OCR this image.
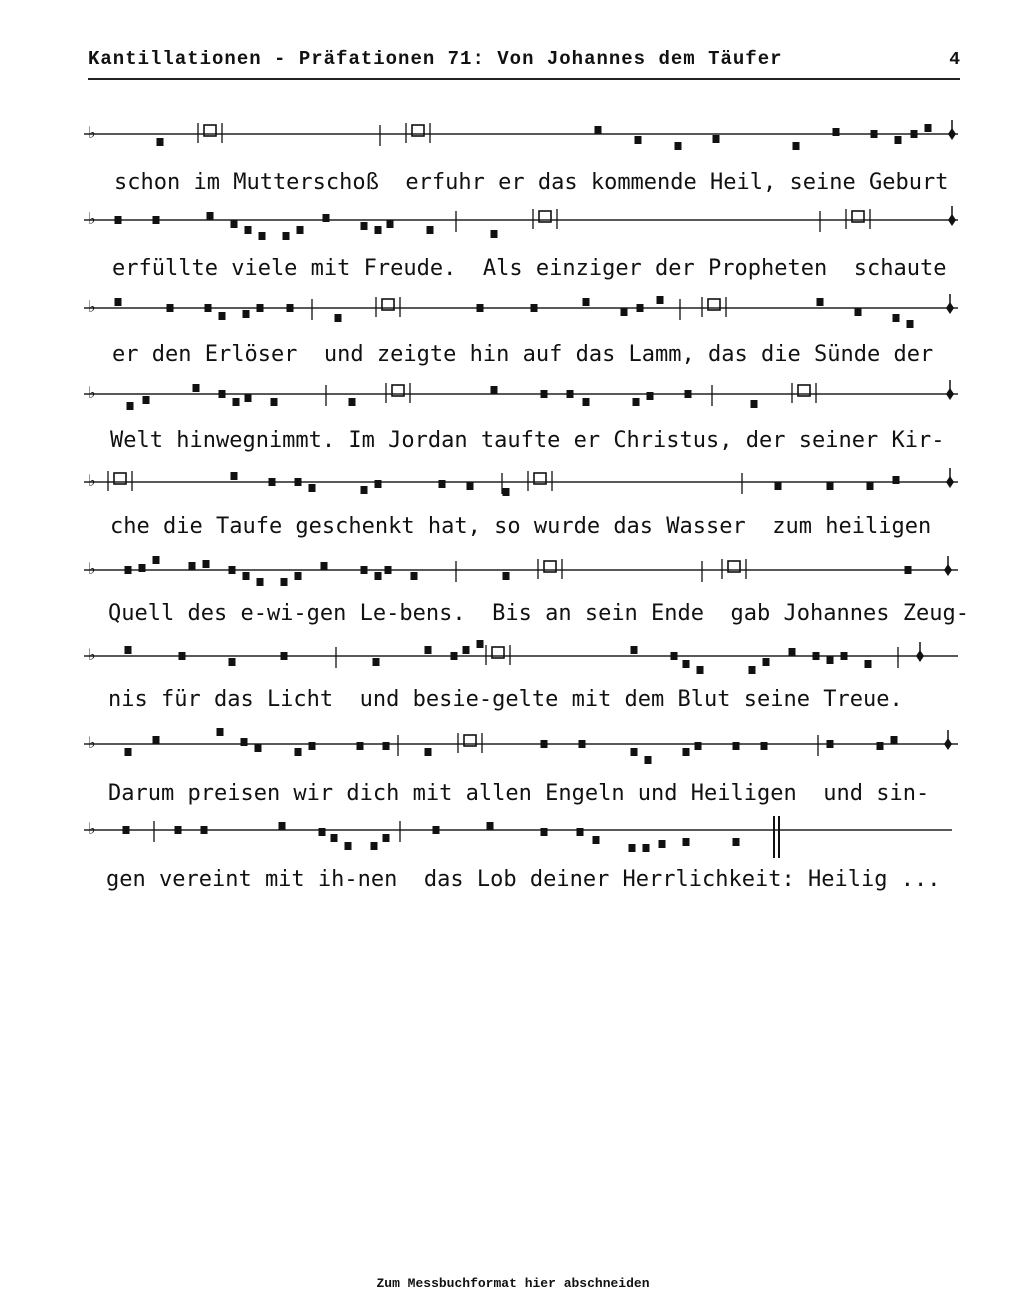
Kantillationen - Präfationen 71: Von Johannes dem Täufer	4
♭
♭
♭
♭
♭
♭
♭
♭
♭
schon im Mutterschoß  erfuhr er das kommende Heil, seine Geburt
erfüllte viele mit Freude.  Als einziger der Propheten  schaute
er den Erlöser  und zeigte hin auf das Lamm, das die Sünde der
Welt hinwegnimmt. Im Jordan taufte er Christus, der seiner Kir-
che die Taufe geschenkt hat, so wurde das Wasser  zum heiligen
Quell des e-wi-gen Le-bens.  Bis an sein Ende  gab Johannes Zeug-
nis für das Licht  und besie-gelte mit dem Blut seine Treue.
Darum preisen wir dich mit allen Engeln und Heiligen  und sin-
gen vereint mit ih-nen  das Lob deiner Herrlichkeit: Heilig ...
Zum Messbuchformat hier abschneiden
